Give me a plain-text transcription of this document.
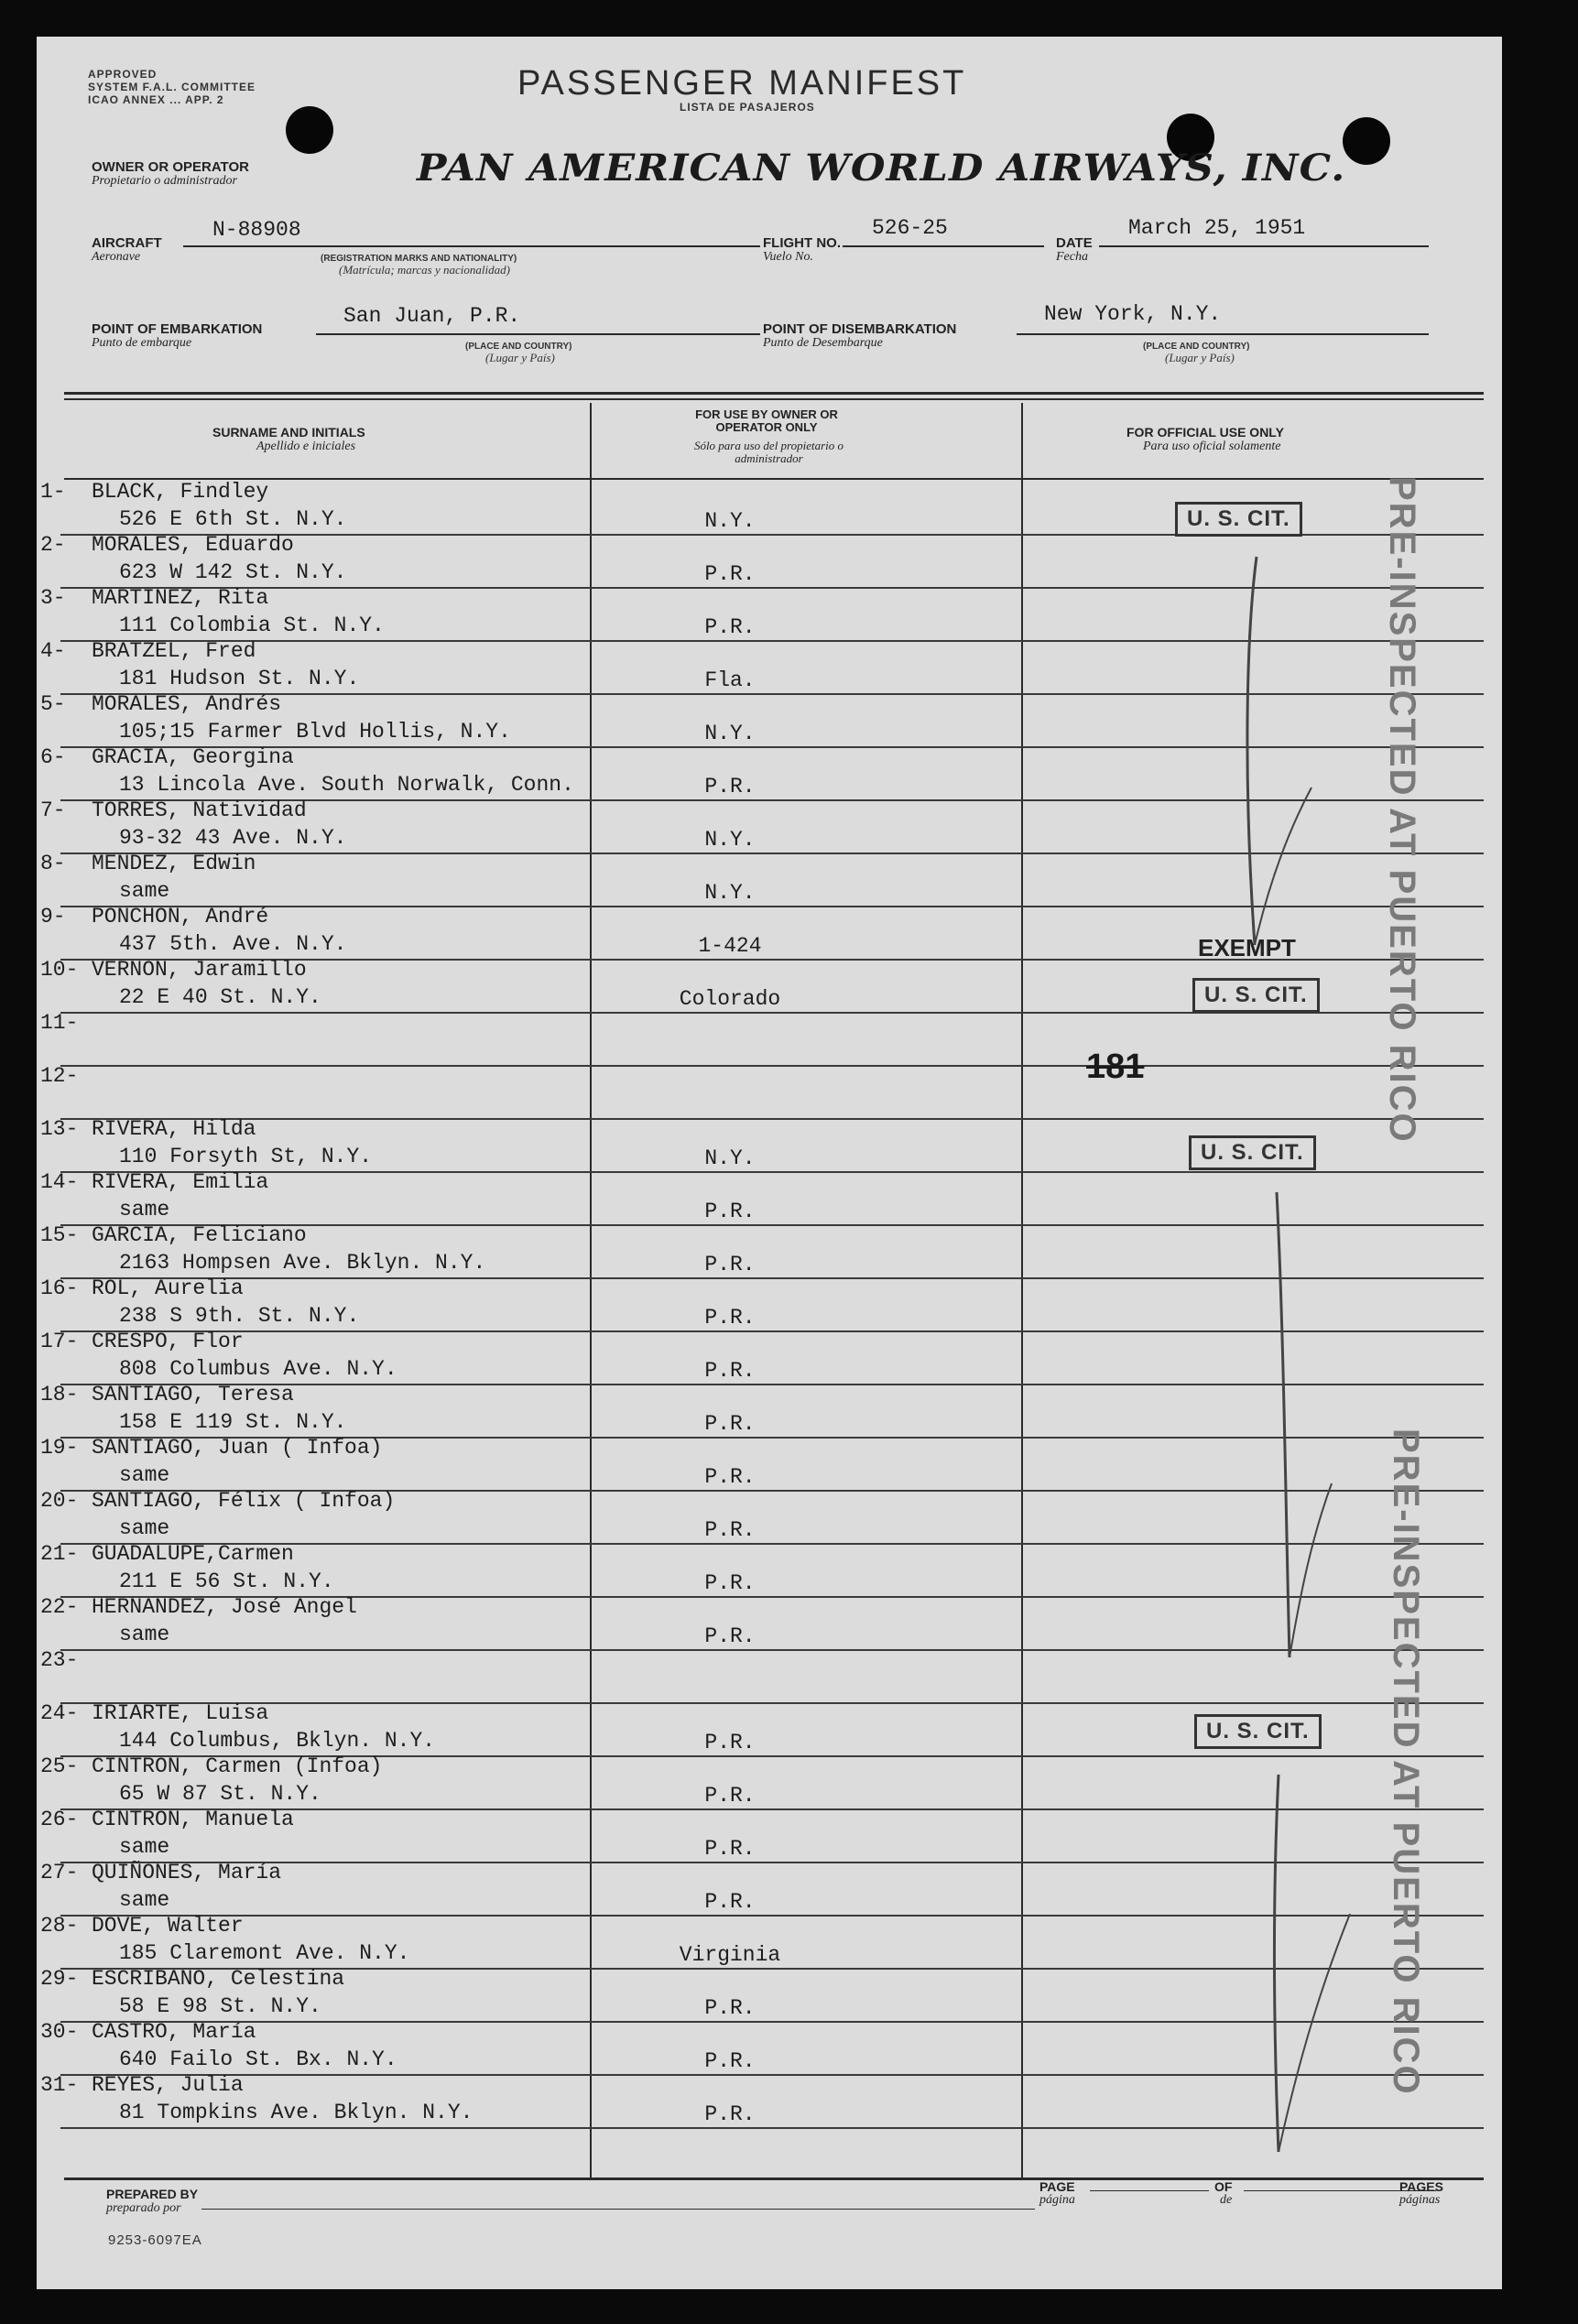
APPROVED
SYSTEM F.A.L. COMMITTEE
ICAO ANNEX ... APP. 2	PASSENGER MANIFEST
LISTA DE PASAJEROS
OWNER OR OPERATOR
Propietario o administrador	PAN AMERICAN WORLD AIRWAYS, INC.
AIRCRAFT
Aeronave
N-88908
(REGISTRATION MARKS AND NATIONALITY)
(Matrícula; marcas y nacionalidad)
FLIGHT NO.
Vuelo No.
526-25
DATE
Fecha
March 25, 1951
POINT OF EMBARKATION
Punto de embarque
San Juan, P.R.
(PLACE AND COUNTRY)
(Lugar y País)
POINT OF DISEMBARKATION
Punto de Desembarque
New York, N.Y.
(PLACE AND COUNTRY)
(Lugar y País)
SURNAME AND INITIALS
Apellido e iniciales
FOR USE BY OWNER OR OPERATOR ONLY
Sólo para uso del propietario o administrador
FOR OFFICIAL USE ONLY
Para uso oficial solamente
1- BLACK, Findley
526 E 6th St. N.Y.	N.Y.
2- MORALES, Eduardo
623 W 142 St. N.Y.	P.R.
3- MARTINEZ, Rita
111 Colombia St. N.Y.	P.R.
4- BRATZEL, Fred
181 Hudson St. N.Y.	Fla.
5- MORALES, Andrés
105;15 Farmer Blvd Hollis, N.Y.	N.Y.
6- GRACIA, Georgina
13 Lincola Ave. South Norwalk, Conn.	P.R.
7- TORRES, Natividad
93-32 43 Ave. N.Y.	N.Y.
8- MENDEZ, Edwin
same	N.Y.
9- PONCHON, André
437 5th. Ave. N.Y.	1-424
10- VERNON, Jaramillo
22 E 40 St. N.Y.	Colorado
11-
12-
13- RIVERA, Hilda
110 Forsyth St, N.Y.	N.Y.
14- RIVERA, Emilia
same	P.R.
15- GARCIA, Feliciano
2163 Hompsen Ave. Bklyn. N.Y.	P.R.
16- ROL, Aurelia
238 S 9th. St. N.Y.	P.R.
17- CRESPO, Flor
808 Columbus Ave. N.Y.	P.R.
18- SANTIAGO, Teresa
158 E 119 St. N.Y.	P.R.
19- SANTIAGO, Juan ( Infoa)
same	P.R.
20- SANTIAGO, Félix ( Infoa)
same	P.R.
21- GUADALUPE,Carmen
211 E 56 St. N.Y.	P.R.
22- HERNANDEZ, José Angel
same	P.R.
23-
24- IRIARTE, Luisa
144 Columbus, Bklyn. N.Y.	P.R.
25- CINTRON, Carmen (Infoa)
65 W 87 St. N.Y.	P.R.
26- CINTRON, Manuela
same	P.R.
27- QUIÑONES, María
same	P.R.
28- DOVE, Walter
185 Claremont Ave. N.Y.	Virginia
29- ESCRIBANO, Celestina
58 E 98 St. N.Y.	P.R.
30- CASTRO, María
640 Failo St. Bx. N.Y.	P.R.
31- REYES, Julia
81 Tompkins Ave. Bklyn. N.Y.	P.R.
U. S. CIT.
EXEMPT
U. S. CIT.
181
U. S. CIT.
U. S. CIT.
PRE-INSPECTED AT PUERTO RICO
PRE-INSPECTED AT PUERTO RICO
PREPARED BY
preparado por
PAGE
página
OF
de
PAGES
páginas
9253-6097EA
